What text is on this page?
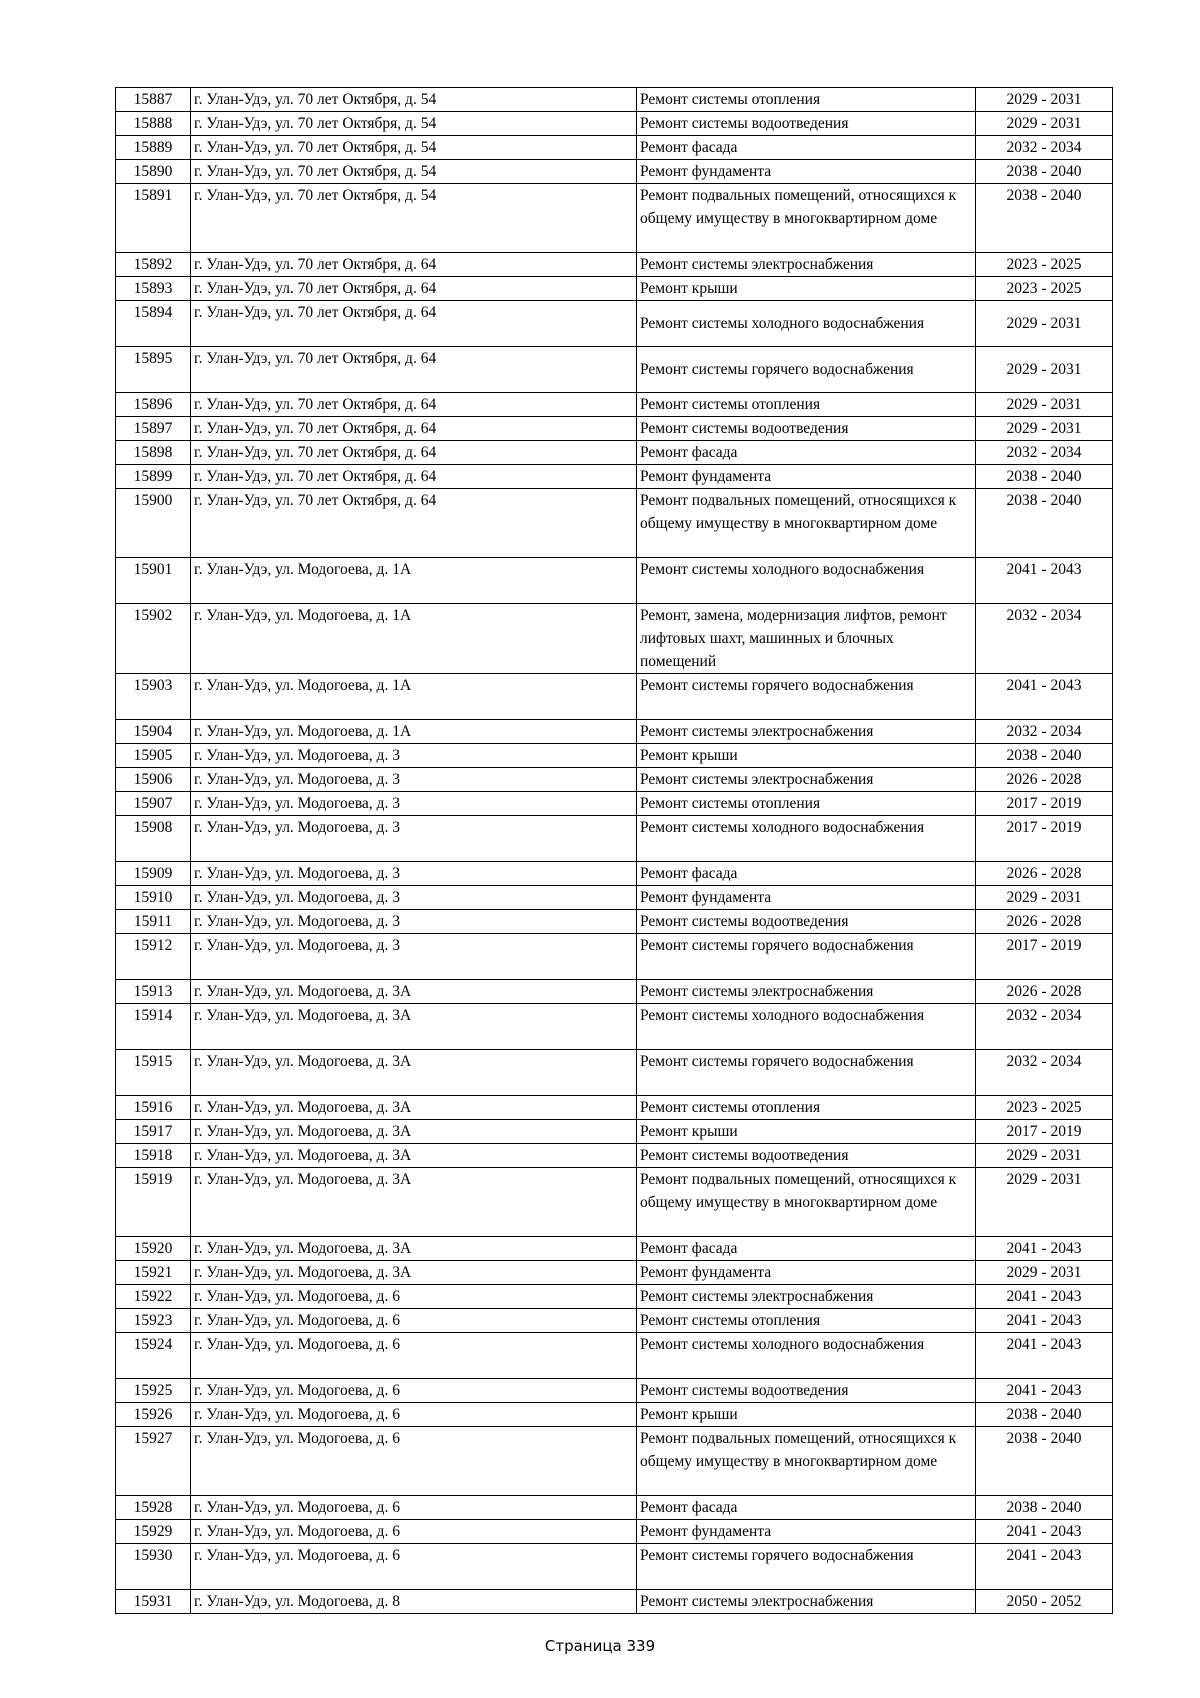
15887	г. Улан-Удэ, ул. 70 лет Октября, д. 54	Ремонт системы отопления	2029 - 2031
15888	г. Улан-Удэ, ул. 70 лет Октября, д. 54	Ремонт системы водоотведения	2029 - 2031
15889	г. Улан-Удэ, ул. 70 лет Октября, д. 54	Ремонт фасада	2032 - 2034
15890	г. Улан-Удэ, ул. 70 лет Октября, д. 54	Ремонт фундамента	2038 - 2040
15891	г. Улан-Удэ, ул. 70 лет Октября, д. 54	Ремонт подвальных помещений, относящихся к общему имуществу в многоквартирном доме	2038 - 2040
15892	г. Улан-Удэ, ул. 70 лет Октября, д. 64	Ремонт системы электроснабжения	2023 - 2025
15893	г. Улан-Удэ, ул. 70 лет Октября, д. 64	Ремонт крыши	2023 - 2025
15894	г. Улан-Удэ, ул. 70 лет Октября, д. 64	Ремонт системы холодного водоснабжения	2029 - 2031
15895	г. Улан-Удэ, ул. 70 лет Октября, д. 64	Ремонт системы горячего водоснабжения	2029 - 2031
15896	г. Улан-Удэ, ул. 70 лет Октября, д. 64	Ремонт системы отопления	2029 - 2031
15897	г. Улан-Удэ, ул. 70 лет Октября, д. 64	Ремонт системы водоотведения	2029 - 2031
15898	г. Улан-Удэ, ул. 70 лет Октября, д. 64	Ремонт фасада	2032 - 2034
15899	г. Улан-Удэ, ул. 70 лет Октября, д. 64	Ремонт фундамента	2038 - 2040
15900	г. Улан-Удэ, ул. 70 лет Октября, д. 64	Ремонт подвальных помещений, относящихся к общему имуществу в многоквартирном доме	2038 - 2040
15901	г. Улан-Удэ, ул. Модогоева, д. 1А	Ремонт системы холодного водоснабжения	2041 - 2043
15902	г. Улан-Удэ, ул. Модогоева, д. 1А	Ремонт, замена, модернизация лифтов, ремонт лифтовых шахт, машинных и блочных помещений	2032 - 2034
15903	г. Улан-Удэ, ул. Модогоева, д. 1А	Ремонт системы горячего водоснабжения	2041 - 2043
15904	г. Улан-Удэ, ул. Модогоева, д. 1А	Ремонт системы электроснабжения	2032 - 2034
15905	г. Улан-Удэ, ул. Модогоева, д. 3	Ремонт крыши	2038 - 2040
15906	г. Улан-Удэ, ул. Модогоева, д. 3	Ремонт системы электроснабжения	2026 - 2028
15907	г. Улан-Удэ, ул. Модогоева, д. 3	Ремонт системы отопления	2017 - 2019
15908	г. Улан-Удэ, ул. Модогоева, д. 3	Ремонт системы холодного водоснабжения	2017 - 2019
15909	г. Улан-Удэ, ул. Модогоева, д. 3	Ремонт фасада	2026 - 2028
15910	г. Улан-Удэ, ул. Модогоева, д. 3	Ремонт фундамента	2029 - 2031
15911	г. Улан-Удэ, ул. Модогоева, д. 3	Ремонт системы водоотведения	2026 - 2028
15912	г. Улан-Удэ, ул. Модогоева, д. 3	Ремонт системы горячего водоснабжения	2017 - 2019
15913	г. Улан-Удэ, ул. Модогоева, д. 3А	Ремонт системы электроснабжения	2026 - 2028
15914	г. Улан-Удэ, ул. Модогоева, д. 3А	Ремонт системы холодного водоснабжения	2032 - 2034
15915	г. Улан-Удэ, ул. Модогоева, д. 3А	Ремонт системы горячего водоснабжения	2032 - 2034
15916	г. Улан-Удэ, ул. Модогоева, д. 3А	Ремонт системы отопления	2023 - 2025
15917	г. Улан-Удэ, ул. Модогоева, д. 3А	Ремонт крыши	2017 - 2019
15918	г. Улан-Удэ, ул. Модогоева, д. 3А	Ремонт системы водоотведения	2029 - 2031
15919	г. Улан-Удэ, ул. Модогоева, д. 3А	Ремонт подвальных помещений, относящихся к общему имуществу в многоквартирном доме	2029 - 2031
15920	г. Улан-Удэ, ул. Модогоева, д. 3А	Ремонт фасада	2041 - 2043
15921	г. Улан-Удэ, ул. Модогоева, д. 3А	Ремонт фундамента	2029 - 2031
15922	г. Улан-Удэ, ул. Модогоева, д. 6	Ремонт системы электроснабжения	2041 - 2043
15923	г. Улан-Удэ, ул. Модогоева, д. 6	Ремонт системы отопления	2041 - 2043
15924	г. Улан-Удэ, ул. Модогоева, д. 6	Ремонт системы холодного водоснабжения	2041 - 2043
15925	г. Улан-Удэ, ул. Модогоева, д. 6	Ремонт системы водоотведения	2041 - 2043
15926	г. Улан-Удэ, ул. Модогоева, д. 6	Ремонт крыши	2038 - 2040
15927	г. Улан-Удэ, ул. Модогоева, д. 6	Ремонт подвальных помещений, относящихся к общему имуществу в многоквартирном доме	2038 - 2040
15928	г. Улан-Удэ, ул. Модогоева, д. 6	Ремонт фасада	2038 - 2040
15929	г. Улан-Удэ, ул. Модогоева, д. 6	Ремонт фундамента	2041 - 2043
15930	г. Улан-Удэ, ул. Модогоева, д. 6	Ремонт системы горячего водоснабжения	2041 - 2043
15931	г. Улан-Удэ, ул. Модогоева, д. 8	Ремонт системы электроснабжения	2050 - 2052
Страница 339
